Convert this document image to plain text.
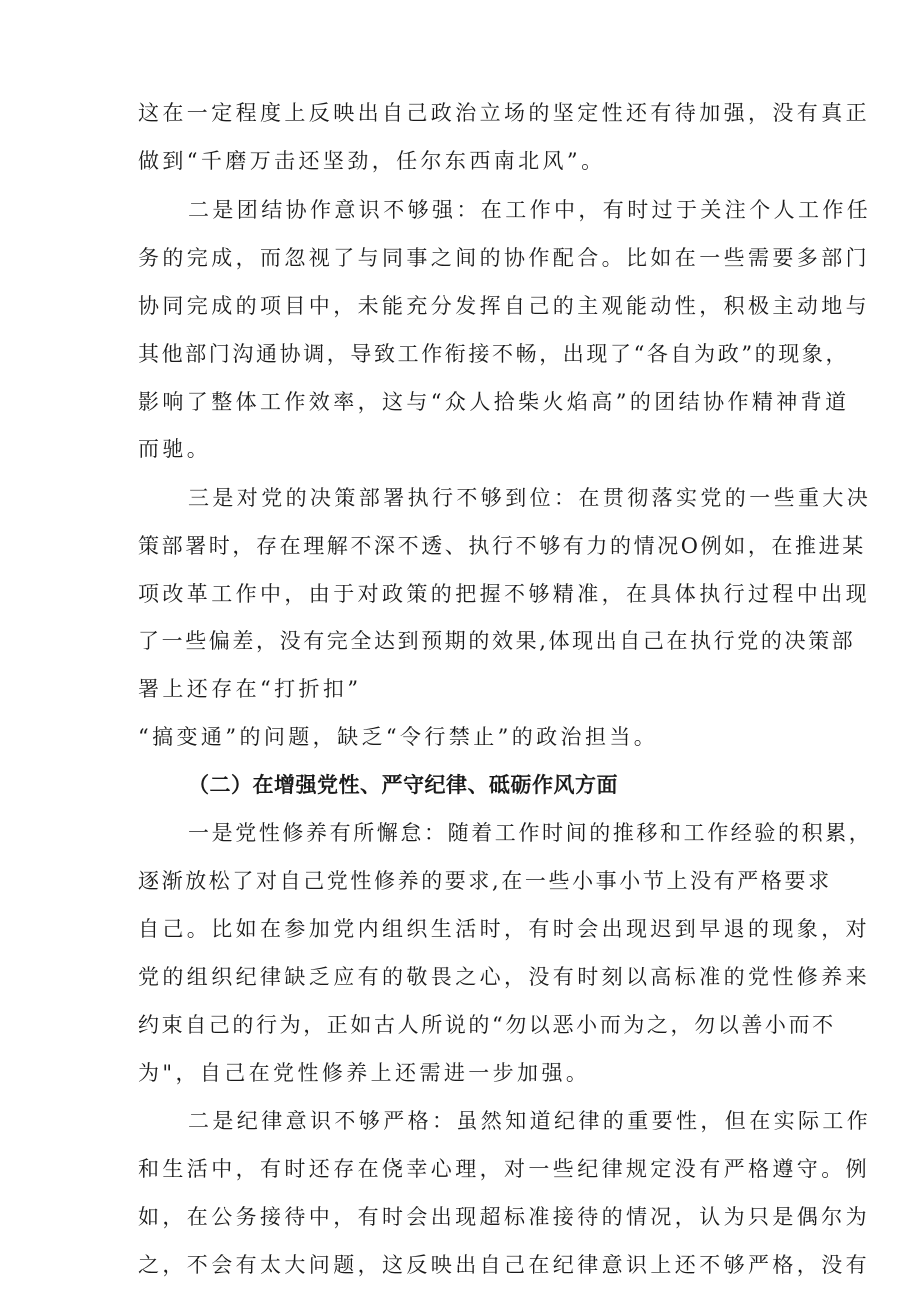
这在一定程度上反映出自己政治立场的坚定性还有待加强，没有真正
做到“千磨万击还坚劲，任尔东西南北风”。
二是团结协作意识不够强：在工作中，有时过于关注个人工作任
务的完成，而忽视了与同事之间的协作配合。比如在一些需要多部门
协同完成的项目中，未能充分发挥自己的主观能动性，积极主动地与
其他部门沟通协调，导致工作衔接不畅，出现了“各自为政”的现象，
影响了整体工作效率，这与“众人拾柴火焰高”的团结协作精神背道
而驰。
三是对党的决策部署执行不够到位：在贯彻落实党的一些重大决
策部署时，存在理解不深不透、执行不够有力的情况O例如，在推进某
项改革工作中，由于对政策的把握不够精准，在具体执行过程中出现
了一些偏差，没有完全达到预期的效果,体现出自己在执行党的决策部
署上还存在“打折扣”
“搞变通”的问题，缺乏“令行禁止”的政治担当。
（二）在增强党性、严守纪律、砥砺作风方面
一是党性修养有所懈怠：随着工作时间的推移和工作经验的积累，
逐渐放松了对自己党性修养的要求,在一些小事小节上没有严格要求
自己。比如在参加党内组织生活时，有时会出现迟到早退的现象，对
党的组织纪律缺乏应有的敬畏之心，没有时刻以高标准的党性修养来
约束自己的行为，正如古人所说的“勿以恶小而为之，勿以善小而不
为"，自己在党性修养上还需进一步加强。
二是纪律意识不够严格：虽然知道纪律的重要性，但在实际工作
和生活中，有时还存在侥幸心理，对一些纪律规定没有严格遵守。例
如，在公务接待中，有时会出现超标准接待的情况，认为只是偶尔为
之，不会有太大问题，这反映出自己在纪律意识上还不够严格，没有
